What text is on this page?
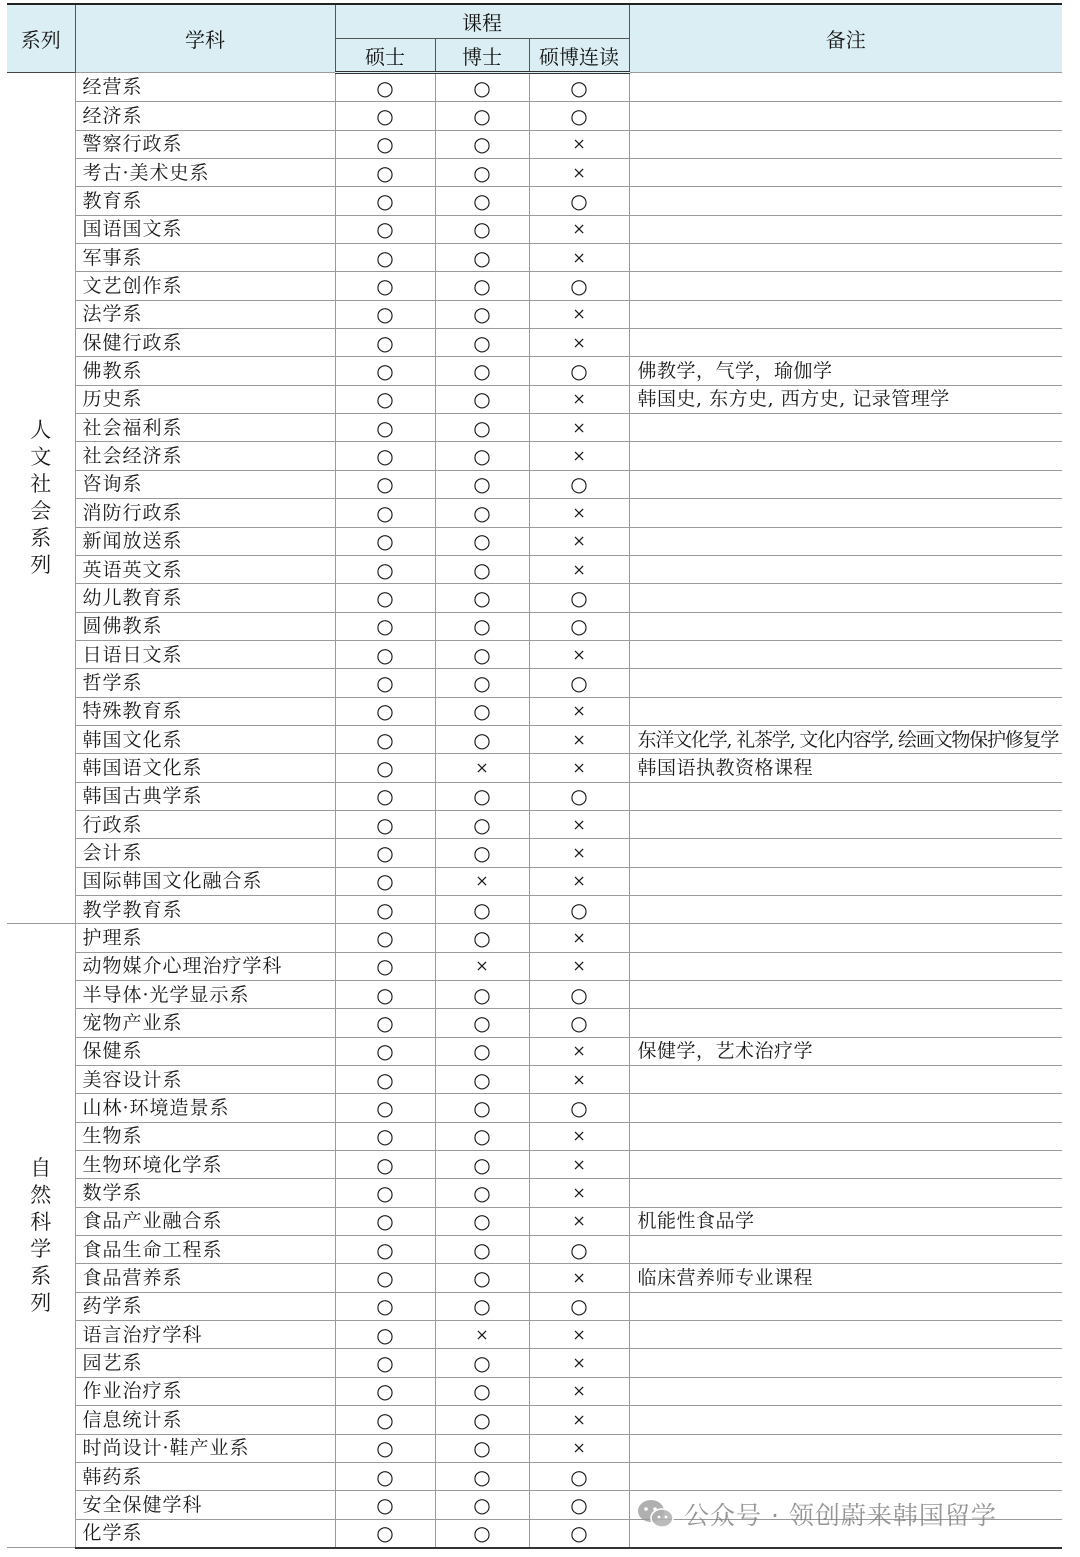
系列	学科	课程			备注
		硕士	博士	硕博连读	

人文社会系列	经营系	○	○	○	
	经济系	○	○	○	
	警察行政系	○	○	×	
	考古·美术史系	○	○	×	
	教育系	○	○	○	
	国语国文系	○	○	×	
	军事系	○	○	×	
	文艺创作系	○	○	○	
	法学系	○	○	×	
	保健行政系	○	○	×	
	佛教系	○	○	○	佛教学，气学，瑜伽学
	历史系	○	○	×	韩国史, 东方史, 西方史, 记录管理学
	社会福利系	○	○	×	
	社会经济系	○	○	×	
	咨询系	○	○	○	
	消防行政系	○	○	×	
	新闻放送系	○	○	×	
	英语英文系	○	○	×	
	幼儿教育系	○	○	○	
	圆佛教系	○	○	○	
	日语日文系	○	○	×	
	哲学系	○	○	○	
	特殊教育系	○	○	×	
	韩国文化系	○	○	×	东洋文化学, 礼茶学, 文化内容学, 绘画文物保护修复学
	韩国语文化系	○	×	×	韩国语执教资格课程
	韩国古典学系	○	○	○	
	行政系	○	○	×	
	会计系	○	○	×	
	国际韩国文化融合系	○	×	×	
	教学教育系	○	○	○	

自然科学系列	护理系	○	○	×	
	动物媒介心理治疗学科	○	×	×	
	半导体·光学显示系	○	○	○	
	宠物产业系	○	○	○	
	保健系	○	○	×	保健学，艺术治疗学
	美容设计系	○	○	×	
	山林·环境造景系	○	○	○	
	生物系	○	○	×	
	生物环境化学系	○	○	×	
	数学系	○	○	×	
	食品产业融合系	○	○	×	机能性食品学
	食品生命工程系	○	○	○	
	食品营养系	○	○	×	临床营养师专业课程
	药学系	○	○	○	
	语言治疗学科	○	×	×	
	园艺系	○	○	×	
	作业治疗系	○	○	×	
	信息统计系	○	○	×	
	时尚设计·鞋产业系	○	○	×	
	韩药系	○	○	○	
	安全保健学科	○	○	○	
	化学系	○	○	○	
公众号 · 领创蔚来韩国留学
